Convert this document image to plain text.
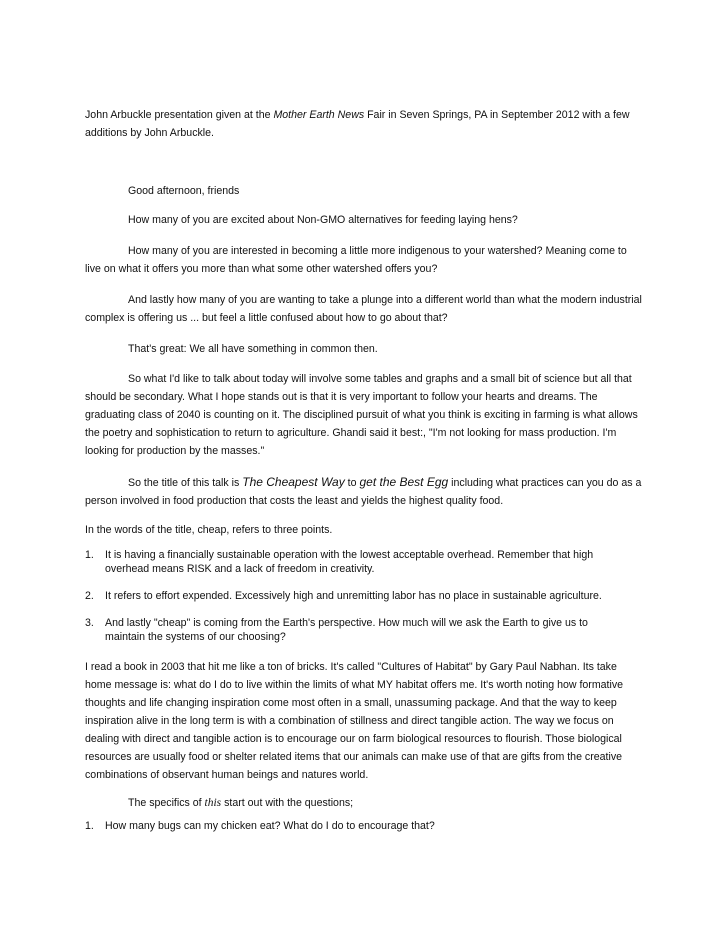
John Arbuckle presentation given at the Mother Earth News Fair in Seven Springs, PA in September 2012 with a few additions by John Arbuckle.

Good afternoon, friends

How many of you are excited about Non-GMO alternatives for feeding laying hens?

How many of you are interested in becoming a little more indigenous to your watershed? Meaning come to live on what it offers you more than what some other watershed offers you?

And lastly how many of you are wanting to take a plunge into a different world than what the modern industrial complex is offering us ... but feel a little confused about how to go about that?

That's great: We all have something in common then.

So what I'd like to talk about today will involve some tables and graphs and a small bit of science but all that should be secondary. What I hope stands out is that it is very important to follow your hearts and dreams. The graduating class of 2040 is counting on it. The disciplined pursuit of what you think is exciting in farming is what allows the poetry and sophistication to return to agriculture. Ghandi said it best:, "I'm not looking for mass production. I'm looking for production by the masses."

So the title of this talk is The Cheapest Way to get the Best Egg including what practices can you do as a person involved in food production that costs the least and yields the highest quality food.

In the words of the title, cheap, refers to three points.

1.	It is having a financially sustainable operation with the lowest acceptable overhead. Remember that high overhead means RISK and a lack of freedom in creativity.
2.	It refers to effort expended. Excessively high and unremitting labor has no place in sustainable agriculture.
3.	And lastly "cheap" is coming from the Earth's perspective. How much will we ask the Earth to give us to maintain the systems of our choosing?

I read a book in 2003 that hit me like a ton of bricks. It's called "Cultures of Habitat" by Gary Paul Nabhan. Its take home message is: what do I do to live within the limits of what MY habitat offers me. It's worth noting how formative thoughts and life changing inspiration come most often in a small, unassuming package. And that the way to keep inspiration alive in the long term is with a combination of stillness and direct tangible action. The way we focus on dealing with direct and tangible action is to encourage our on farm biological resources to flourish. Those biological resources are usually food or shelter related items that our animals can make use of that are gifts from the creative combinations of observant human beings and natures world.

The specifics of this start out with the questions;

1.	How many bugs can my chicken eat? What do I do to encourage that?
